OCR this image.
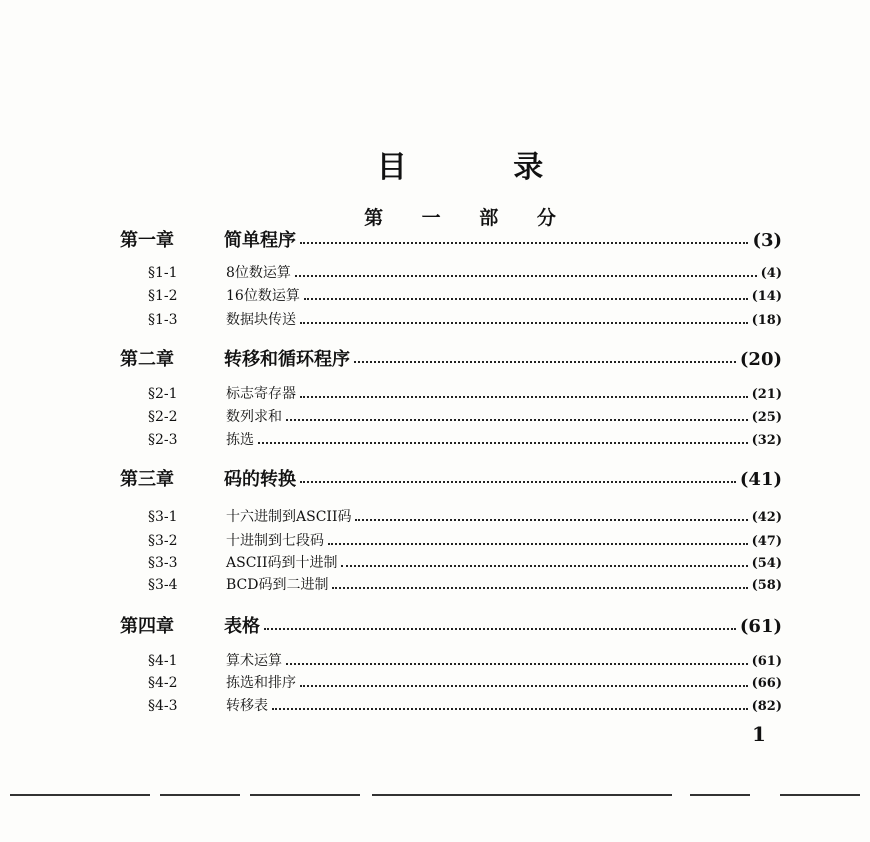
目 录
第 一 部 分
第一章	简单程序	(3)
§1-1	8位数运算	(4)
§1-2	16位数运算	(14)
§1-3	数据块传送	(18)
第二章	转移和循环程序	(20)
§2-1	标志寄存器	(21)
§2-2	数列求和	(25)
§2-3	拣选	(32)
第三章	码的转换	(41)
§3-1	十六进制到ASCII码	(42)
§3-2	十进制到七段码	(47)
§3-3	ASCII码到十进制	(54)
§3-4	BCD码到二进制	(58)
第四章	表格	(61)
§4-1	算术运算	(61)
§4-2	拣选和排序	(66)
§4-3	转移表	(82)
1
